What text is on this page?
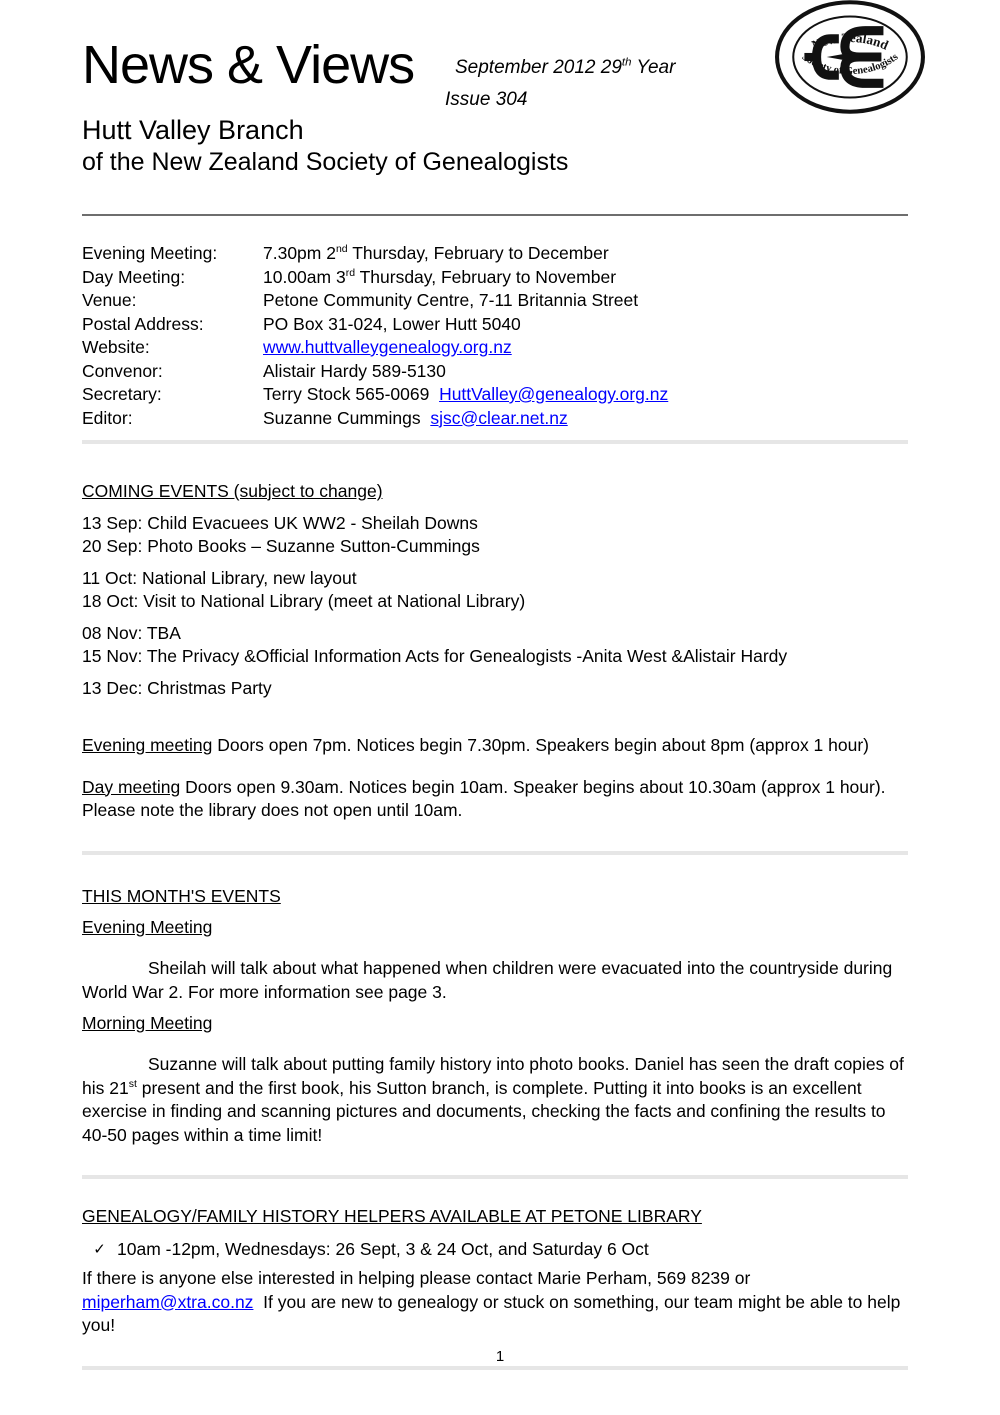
News & Views	September 2012 29th Year
Issue 304
Hutt Valley Branch
of the New Zealand Society of Genealogists
New Zealand
Society of Genealogists
Evening Meeting:	7.30pm 2nd Thursday, February to December
Day Meeting:	10.00am 3rd Thursday, February to November
Venue:	Petone Community Centre, 7-11 Britannia Street
Postal Address:	PO Box 31-024, Lower Hutt 5040
Website:	www.huttvalleygenealogy.org.nz
Convenor:	Alistair Hardy 589-5130
Secretary:	Terry Stock 565-0069  HuttValley@genealogy.org.nz
Editor:	Suzanne Cummings  sjsc@clear.net.nz

COMING EVENTS (subject to change)

13 Sep: Child Evacuees UK WW2 - Sheilah Downs
20 Sep: Photo Books – Suzanne Sutton-Cummings
11 Oct: National Library, new layout
18 Oct: Visit to National Library (meet at National Library)
08 Nov: TBA
15 Nov: The Privacy &Official Information Acts for Genealogists -Anita West &Alistair Hardy
13 Dec: Christmas Party

Evening meeting Doors open 7pm. Notices begin 7.30pm. Speakers begin about 8pm (approx 1 hour)

Day meeting Doors open 9.30am. Notices begin 10am. Speaker begins about 10.30am (approx 1 hour). Please note the library does not open until 10am.

THIS MONTH'S EVENTS

Evening Meeting

Sheilah will talk about what happened when children were evacuated into the countryside during World War 2. For more information see page 3.

Morning Meeting

Suzanne will talk about putting family history into photo books. Daniel has seen the draft copies of his 21st present and the first book, his Sutton branch, is complete. Putting it into books is an excellent exercise in finding and scanning pictures and documents, checking the facts and confining the results to 40-50 pages within a time limit!

GENEALOGY/FAMILY HISTORY HELPERS AVAILABLE AT PETONE LIBRARY

✓ 10am -12pm, Wednesdays: 26 Sept, 3 & 24 Oct, and Saturday 6 Oct

If there is anyone else interested in helping please contact Marie Perham, 569 8239 or miperham@xtra.co.nz  If you are new to genealogy or stuck on something, our team might be able to help you!

1
